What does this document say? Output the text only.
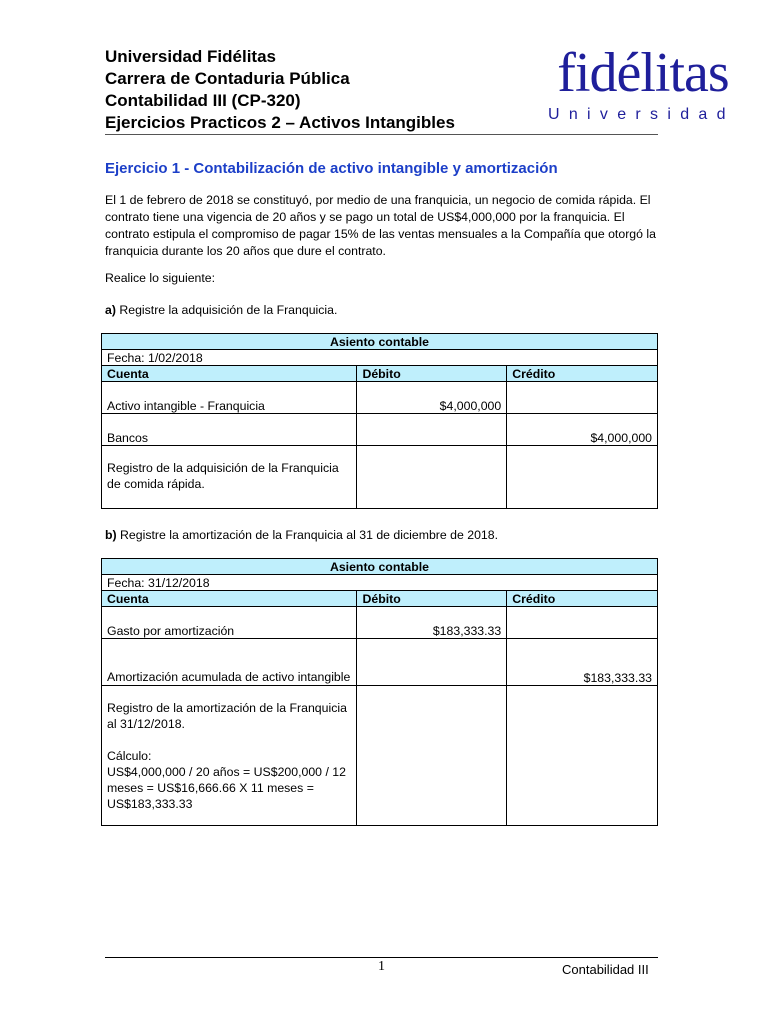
Universidad Fidélitas
Carrera de Contaduria Pública
Contabilidad III (CP-320)
Ejercicios Practicos 2 – Activos Intangibles
fidélitas
Universidad
Ejercicio 1 - Contabilización de activo intangible y amortización
El 1 de febrero de 2018 se constituyó, por medio de una franquicia, un negocio de comida rápida. El contrato tiene una vigencia de 20 años y se pago un total de US$4,000,000 por la franquicia. El contrato estipula el compromiso de pagar 15% de las ventas mensuales a la Compañía que otorgó la franquicia durante los 20 años que dure el contrato.
Realice lo siguiente:
a) Registre la adquisición de la Franquicia.
Asiento contable		
Fecha: 1/02/2018		
Cuenta	Débito	Crédito
Activo intangible - Franquicia	$4,000,000	
Bancos		$4,000,000
Registro de la adquisición de la Franquicia de comida rápida.		
b) Registre la amortización de la Franquicia al 31 de diciembre de 2018.
Asiento contable		
Fecha: 31/12/2018		
Cuenta	Débito	Crédito
Gasto por amortización	$183,333.33	
Amortización acumulada de activo intangible		$183,333.33

Registro de la amortización de la Franquicia al 31/12/2018.
Cálculo:
US$4,000,000 / 20 años = US$200,000 / 12 meses = US$16,666.66 X 11 meses = US$183,333.33		

1	Contabilidad III
